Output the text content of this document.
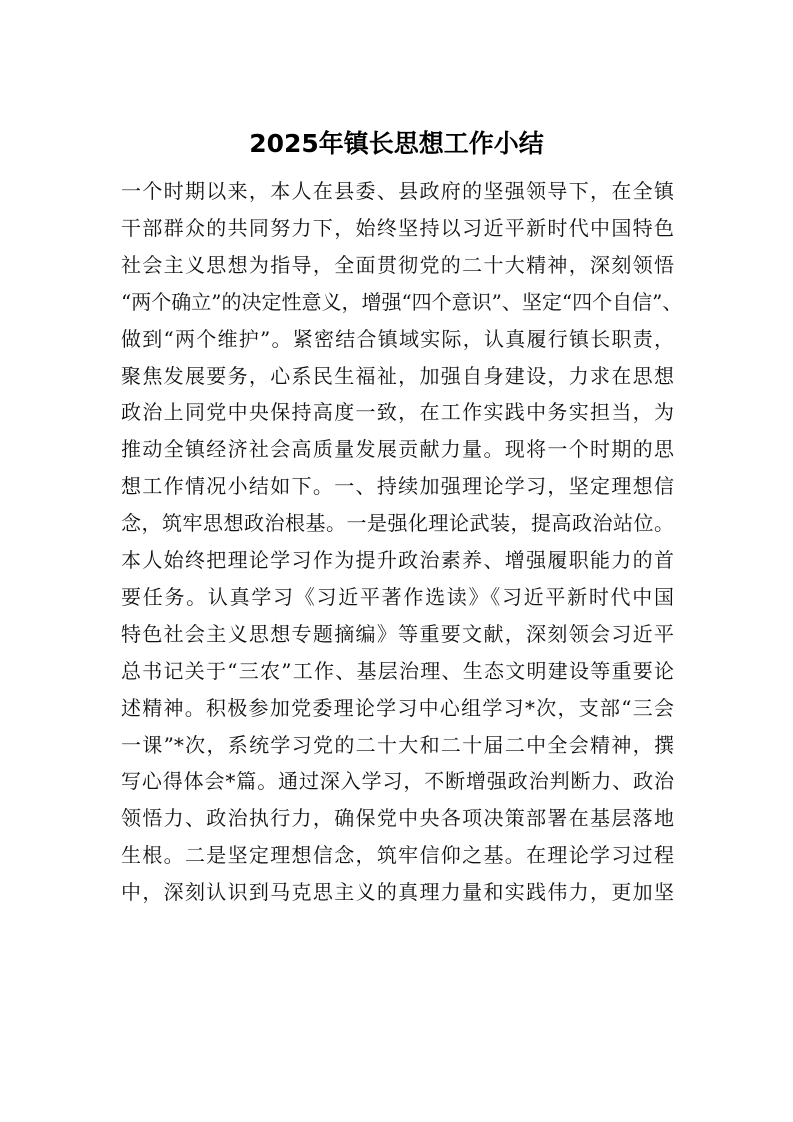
2025年镇长思想工作小结
一个时期以来，本人在县委、县政府的坚强领导下，在全镇
干部群众的共同努力下，始终坚持以习近平新时代中国特色
社会主义思想为指导，全面贯彻党的二十大精神，深刻领悟
“两个确立”的决定性意义，增强“四个意识”、坚定“四个自信”、
做到“两个维护”。紧密结合镇域实际，认真履行镇长职责，
聚焦发展要务，心系民生福祉，加强自身建设，力求在思想
政治上同党中央保持高度一致，在工作实践中务实担当，为
推动全镇经济社会高质量发展贡献力量。现将一个时期的思
想工作情况小结如下。一、持续加强理论学习，坚定理想信
念，筑牢思想政治根基。一是强化理论武装，提高政治站位。
本人始终把理论学习作为提升政治素养、增强履职能力的首
要任务。认真学习《习近平著作选读》《习近平新时代中国
特色社会主义思想专题摘编》等重要文献，深刻领会习近平
总书记关于“三农”工作、基层治理、生态文明建设等重要论
述精神。积极参加党委理论学习中心组学习*次，支部“三会
一课”*次，系统学习党的二十大和二十届二中全会精神，撰
写心得体会*篇。通过深入学习，不断增强政治判断力、政治
领悟力、政治执行力，确保党中央各项决策部署在基层落地
生根。二是坚定理想信念，筑牢信仰之基。在理论学习过程
中，深刻认识到马克思主义的真理力量和实践伟力，更加坚
